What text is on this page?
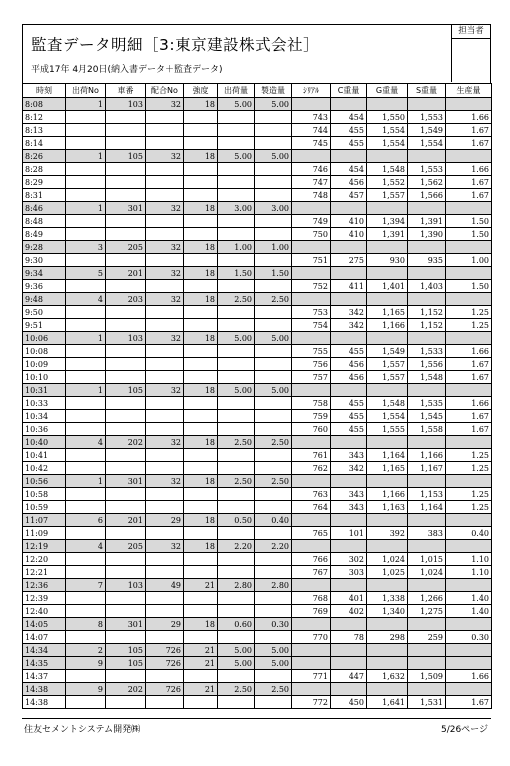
監査データ明細［3:東京建設株式会社］
平成17年 4月20日(納入書データ＋監査データ)
担当者
時刻	出荷No	車番	配合No	強度	出荷量	製造量	ｼﾘｱﾙ	C重量	G重量	S重量	生産量
8:08	1	103	32	18	5.00	5.00					
8:12							743	454	1,550	1,553	1.66
8:13							744	455	1,554	1,549	1.67
8:14							745	455	1,554	1,554	1.67
8:26	1	105	32	18	5.00	5.00					
8:28							746	454	1,548	1,553	1.66
8:29							747	456	1,552	1,562	1.67
8:31							748	457	1,557	1,566	1.67
8:46	1	301	32	18	3.00	3.00					
8:48							749	410	1,394	1,391	1.50
8:49							750	410	1,391	1,390	1.50
9:28	3	205	32	18	1.00	1.00					
9:30							751	275	930	935	1.00
9:34	5	201	32	18	1.50	1.50					
9:36							752	411	1,401	1,403	1.50
9:48	4	203	32	18	2.50	2.50					
9:50							753	342	1,165	1,152	1.25
9:51							754	342	1,166	1,152	1.25
10:06	1	103	32	18	5.00	5.00					
10:08							755	455	1,549	1,533	1.66
10:09							756	456	1,557	1,556	1.67
10:10							757	456	1,557	1,548	1.67
10:31	1	105	32	18	5.00	5.00					
10:33							758	455	1,548	1,535	1.66
10:34							759	455	1,554	1,545	1.67
10:36							760	455	1,555	1,558	1.67
10:40	4	202	32	18	2.50	2.50					
10:41							761	343	1,164	1,166	1.25
10:42							762	342	1,165	1,167	1.25
10:56	1	301	32	18	2.50	2.50					
10:58							763	343	1,166	1,153	1.25
10:59							764	343	1,163	1,164	1.25
11:07	6	201	29	18	0.50	0.40					
11:09							765	101	392	383	0.40
12:19	4	205	32	18	2.20	2.20					
12:20							766	302	1,024	1,015	1.10
12:21							767	303	1,025	1,024	1.10
12:36	7	103	49	21	2.80	2.80					
12:39							768	401	1,338	1,266	1.40
12:40							769	402	1,340	1,275	1.40
14:05	8	301	29	18	0.60	0.30					
14:07							770	78	298	259	0.30
14:34	2	105	726	21	5.00	5.00					
14:35	9	105	726	21	5.00	5.00					
14:37							771	447	1,632	1,509	1.66
14:38	9	202	726	21	2.50	2.50					
14:38							772	450	1,641	1,531	1.67
住友セメントシステム開発㈱	5/26ページ
